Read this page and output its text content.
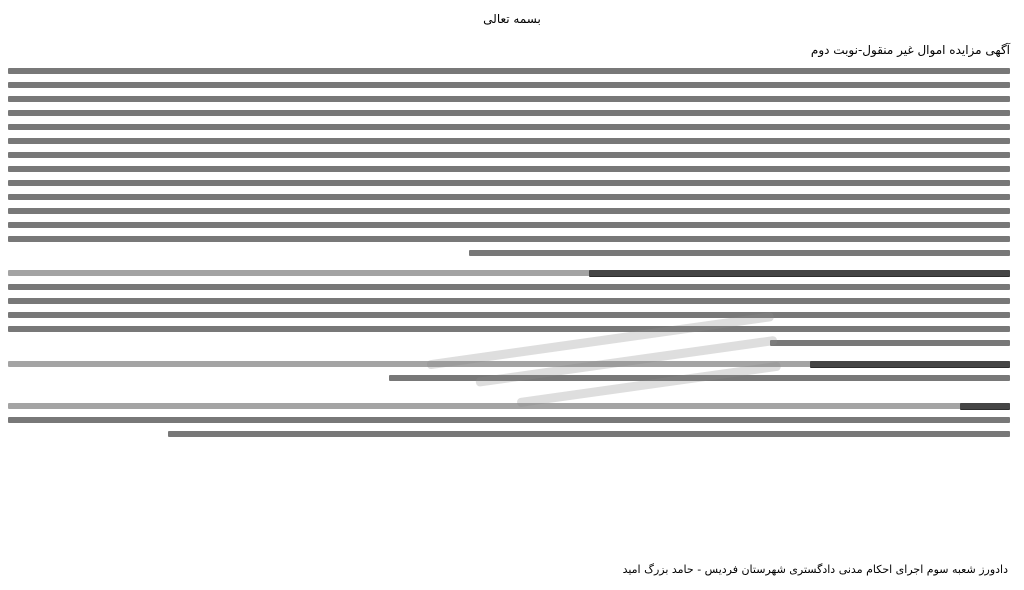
بسمه تعالی
آگهی مزایده اموال غیر منقول-نوبت دوم
دادورز شعبه سوم اجرای احکام مدنی دادگستری شهرستان فردیس - حامد بزرگ امید
